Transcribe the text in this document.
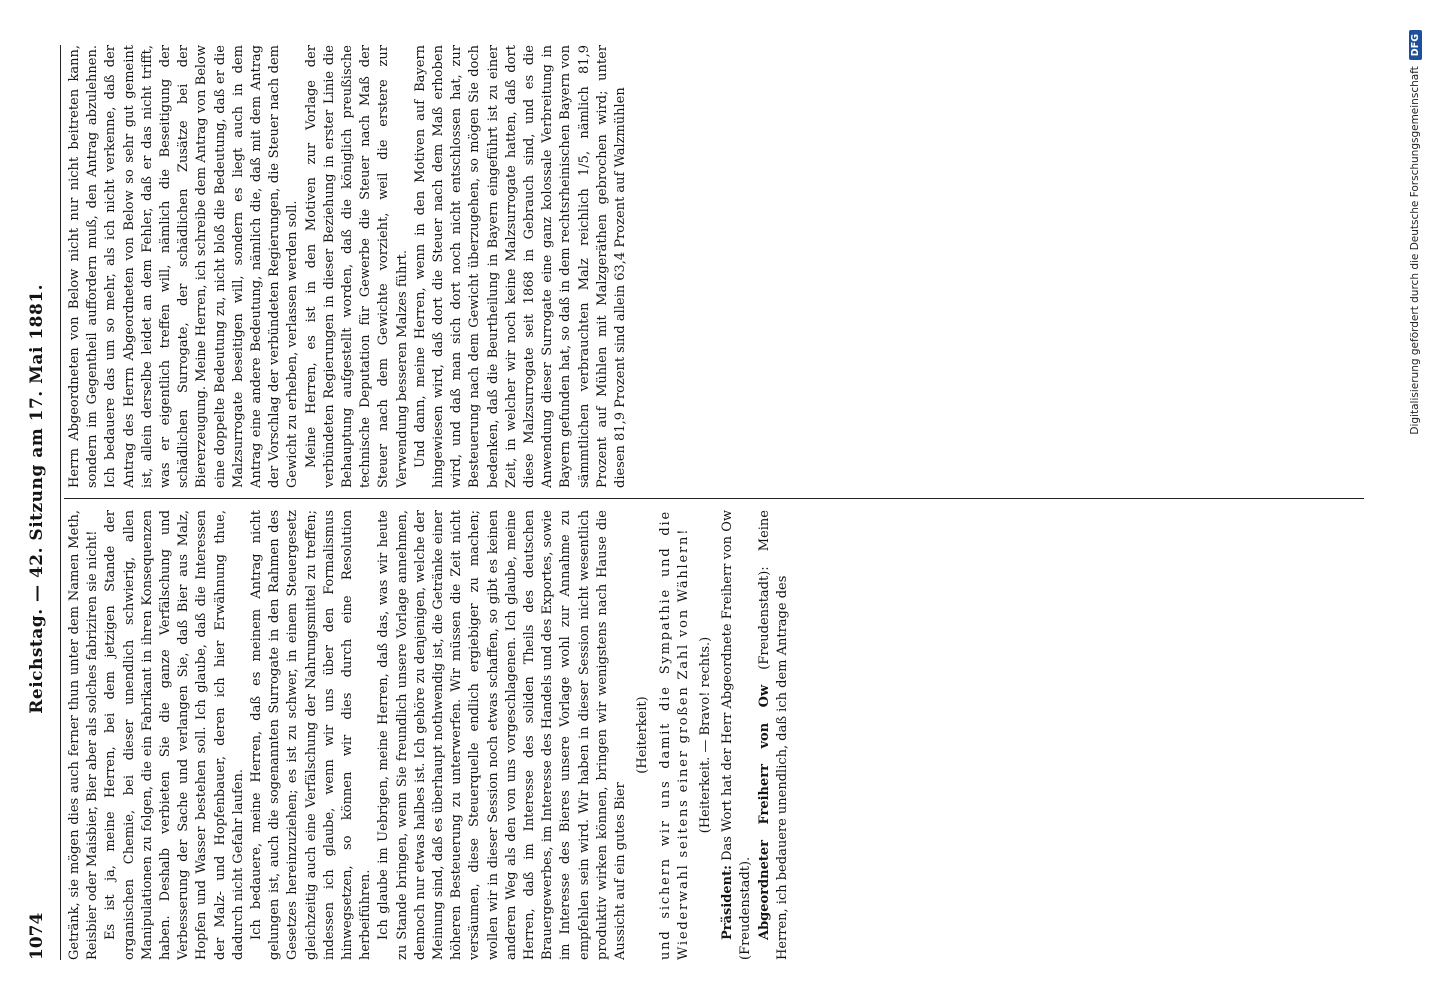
1074
Reichstag. — 42. Sitzung am 17. Mai 1881.

Getränk, sie mögen dies auch ferner thun unter dem Namen Meth, Reisbier oder Maisbier, Bier aber als solches fabriziren sie nicht! Es ist ja, meine Herren, bei dem jetzigen Stande der organischen Chemie, bei dieser unendlich schwierig, allen Manipulationen zu folgen, die ein Fabrikant in ihren Konsequenzen haben. Deshalb verbieten Sie die ganze Verfälschung und Verbesserung der Sache und verlangen Sie, daß Bier aus Malz, Hopfen und Wasser bestehen soll. Ich glaube, daß die Interessen der Malz- und Hopfenbauer, deren ich hier Erwähnung thue, dadurch nicht Gefahr laufen. Ich bedauere, meine Herren, daß es meinem Antrag nicht gelungen ist, auch die sogenannten Surrogate in den Rahmen des Gesetzes hereinzuziehen; es ist zu schwer, in einem Steuergesetz gleichzeitig auch eine Verfälschung der Nahrungsmittel zu treffen; indessen ich glaube, wenn wir uns über den Formalismus hinwegsetzen, so können wir dies durch eine Resolution herbeiführen. Ich glaube im Uebrigen, meine Herren, daß das, was wir heute zu Stande bringen, wenn Sie freundlich unsere Vorlage annehmen, dennoch nur etwas halbes ist. Ich gehöre zu denjenigen, welche der Meinung sind, daß es überhaupt nothwendig ist, die Getränke einer höheren Besteuerung zu unterwerfen. Wir müssen die Zeit nicht versäumen, diese Steuerquelle endlich ergiebiger zu machen; wollen wir in dieser Session noch etwas schaffen, so gibt es keinen anderen Weg als den von uns vorgeschlagenen. Ich glaube, meine Herren, daß im Interesse des soliden Theils des deutschen Brauergewerbes, im Interesse des Handels und des Exportes, sowie im Interesse des Bieres unsere Vorlage wohl zur Annahme zu empfehlen sein wird. Wir haben in dieser Session nicht wesentlich produktiv wirken können, bringen wir wenigstens nach Hause die Aussicht auf ein gutes Bier

(Heiterkeit) und sichern wir uns damit die Sympathie und die Wiederwahl seitens einer großen Zahl von Wählern! (Heiterkeit. — Bravo! rechts.)

Präsident: Das Wort hat der Herr Abgeordnete Freiherr von Ow (Freudenstadt). Abgeordneter Freiherr von Ow (Freudenstadt): Meine Herren, ich bedauere unendlich, daß ich dem Antrage des

Herrn Abgeordneten von Below nicht nur nicht beitreten kann, sondern im Gegentheil auffordern muß, den Antrag abzulehnen. Ich bedauere das um so mehr, als ich nicht verkenne, daß der Antrag des Herrn Abgeordneten von Below so sehr gut gemeint ist, allein derselbe leidet an dem Fehler, daß er das nicht trifft, was er eigentlich treffen will, nämlich die Beseitigung der schädlichen Surrogate, der schädlichen Zusätze bei der Biererzeugung. Meine Herren, ich schreibe dem Antrag von Below eine doppelte Bedeutung zu, nicht bloß die Bedeutung, daß er die Malzsurrogate beseitigen will, sondern es liegt auch in dem Antrag eine andere Bedeutung, nämlich die, daß mit dem Antrag der Vorschlag der verbündeten Regierungen, die Steuer nach dem Gewicht zu erheben, verlassen werden soll. Meine Herren, es ist in den Motiven zur Vorlage der verbündeten Regierungen in dieser Beziehung in erster Linie die Behauptung aufgestellt worden, daß die königlich preußische technische Deputation für Gewerbe die Steuer nach Maß der Steuer nach dem Gewichte vorzieht, weil die erstere zur Verwendung besseren Malzes führt. Und dann, meine Herren, wenn in den Motiven auf Bayern hingewiesen wird, daß dort die Steuer nach dem Maß erhoben wird, und daß man sich dort noch nicht entschlossen hat, zur Besteuerung nach dem Gewicht überzugehen, so mögen Sie doch bedenken, daß die Beurtheilung in Bayern eingeführt ist zu einer Zeit, in welcher wir noch keine Malzsurrogate hatten, daß dort diese Malzsurrogate seit 1868 in Gebrauch sind, und es die Anwendung dieser Surrogate eine ganz kolossale Verbreitung in Bayern gefunden hat, so daß in dem rechtsrheinischen Bayern von sämmtlichen verbrauchten Malz reichlich 1/5, nämlich 81,9 Prozent auf Mühlen mit Malzgeräthen gebrochen wird; unter diesen 81,9 Prozent sind allein 63,4 Prozent auf Walzmühlen	Digitalisierung gefördert durch die Deutsche Forschungsgemeinschaft
DFG
